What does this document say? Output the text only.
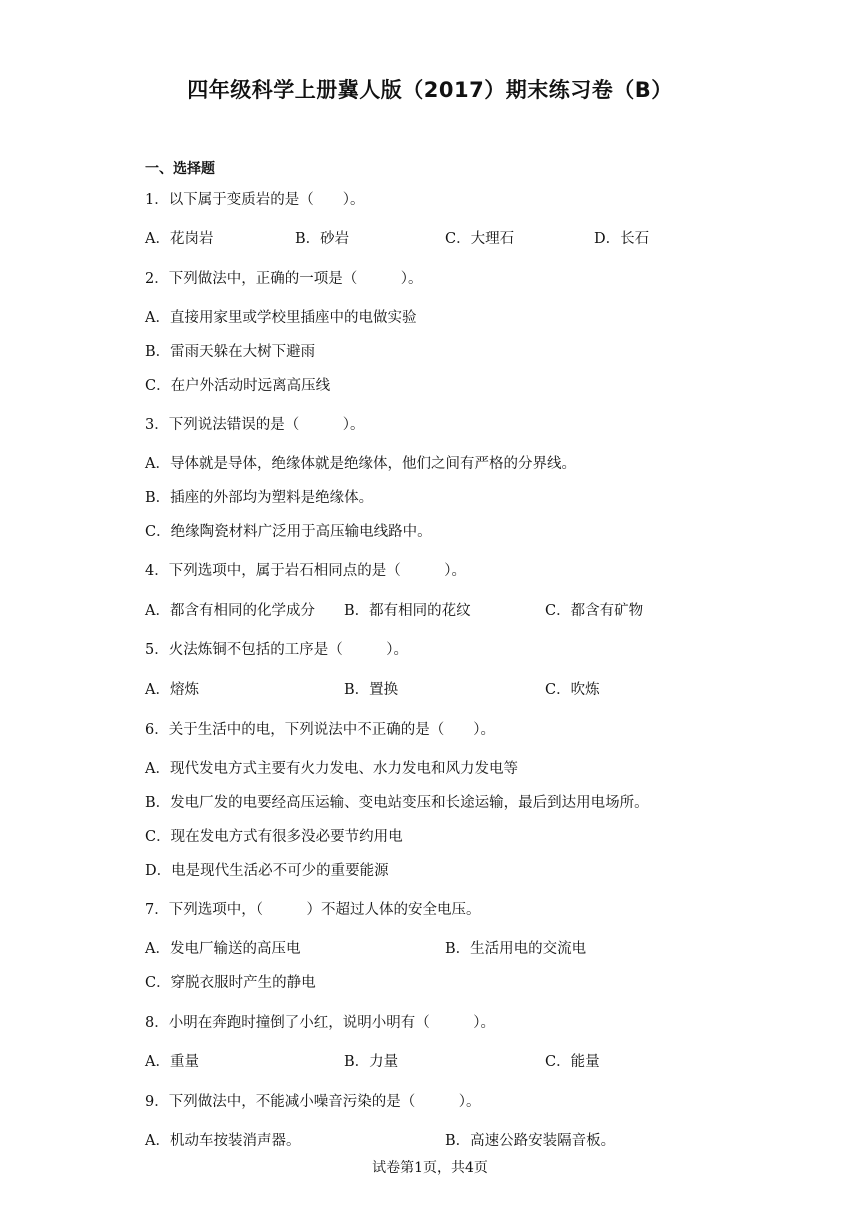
四年级科学上册冀人版（2017）期末练习卷（B）
一、选择题
1．以下属于变质岩的是（　　）。
A．花岗岩	B．砂岩	C．大理石	D．长石
2．下列做法中，正确的一项是（　　　）。
A．直接用家里或学校里插座中的电做实验
B．雷雨天躲在大树下避雨
C．在户外活动时远离高压线
3．下列说法错误的是（　　　）。
A．导体就是导体，绝缘体就是绝缘体，他们之间有严格的分界线。
B．插座的外部均为塑料是绝缘体。
C．绝缘陶瓷材料广泛用于高压输电线路中。
4．下列选项中，属于岩石相同点的是（　　　）。
A．都含有相同的化学成分 B．都有相同的花纹	C．都含有矿物
5．火法炼铜不包括的工序是（　　　）。
A．熔炼	B．置换	C．吹炼
6．关于生活中的电，下列说法中不正确的是（　　）。
A．现代发电方式主要有火力发电、水力发电和风力发电等
B．发电厂发的电要经高压运输、变电站变压和长途运输，最后到达用电场所。
C．现在发电方式有很多没必要节约用电
D．电是现代生活必不可少的重要能源
7．下列选项中，（　　　）不超过人体的安全电压。
A．发电厂输送的高压电	B．生活用电的交流电
C．穿脱衣服时产生的静电
8．小明在奔跑时撞倒了小红，说明小明有（　　　）。
A．重量	B．力量	C．能量
9．下列做法中，不能减小噪音污染的是（　　　）。
A．机动车按装消声器。	B．高速公路安装隔音板。
试卷第1页，共4页
